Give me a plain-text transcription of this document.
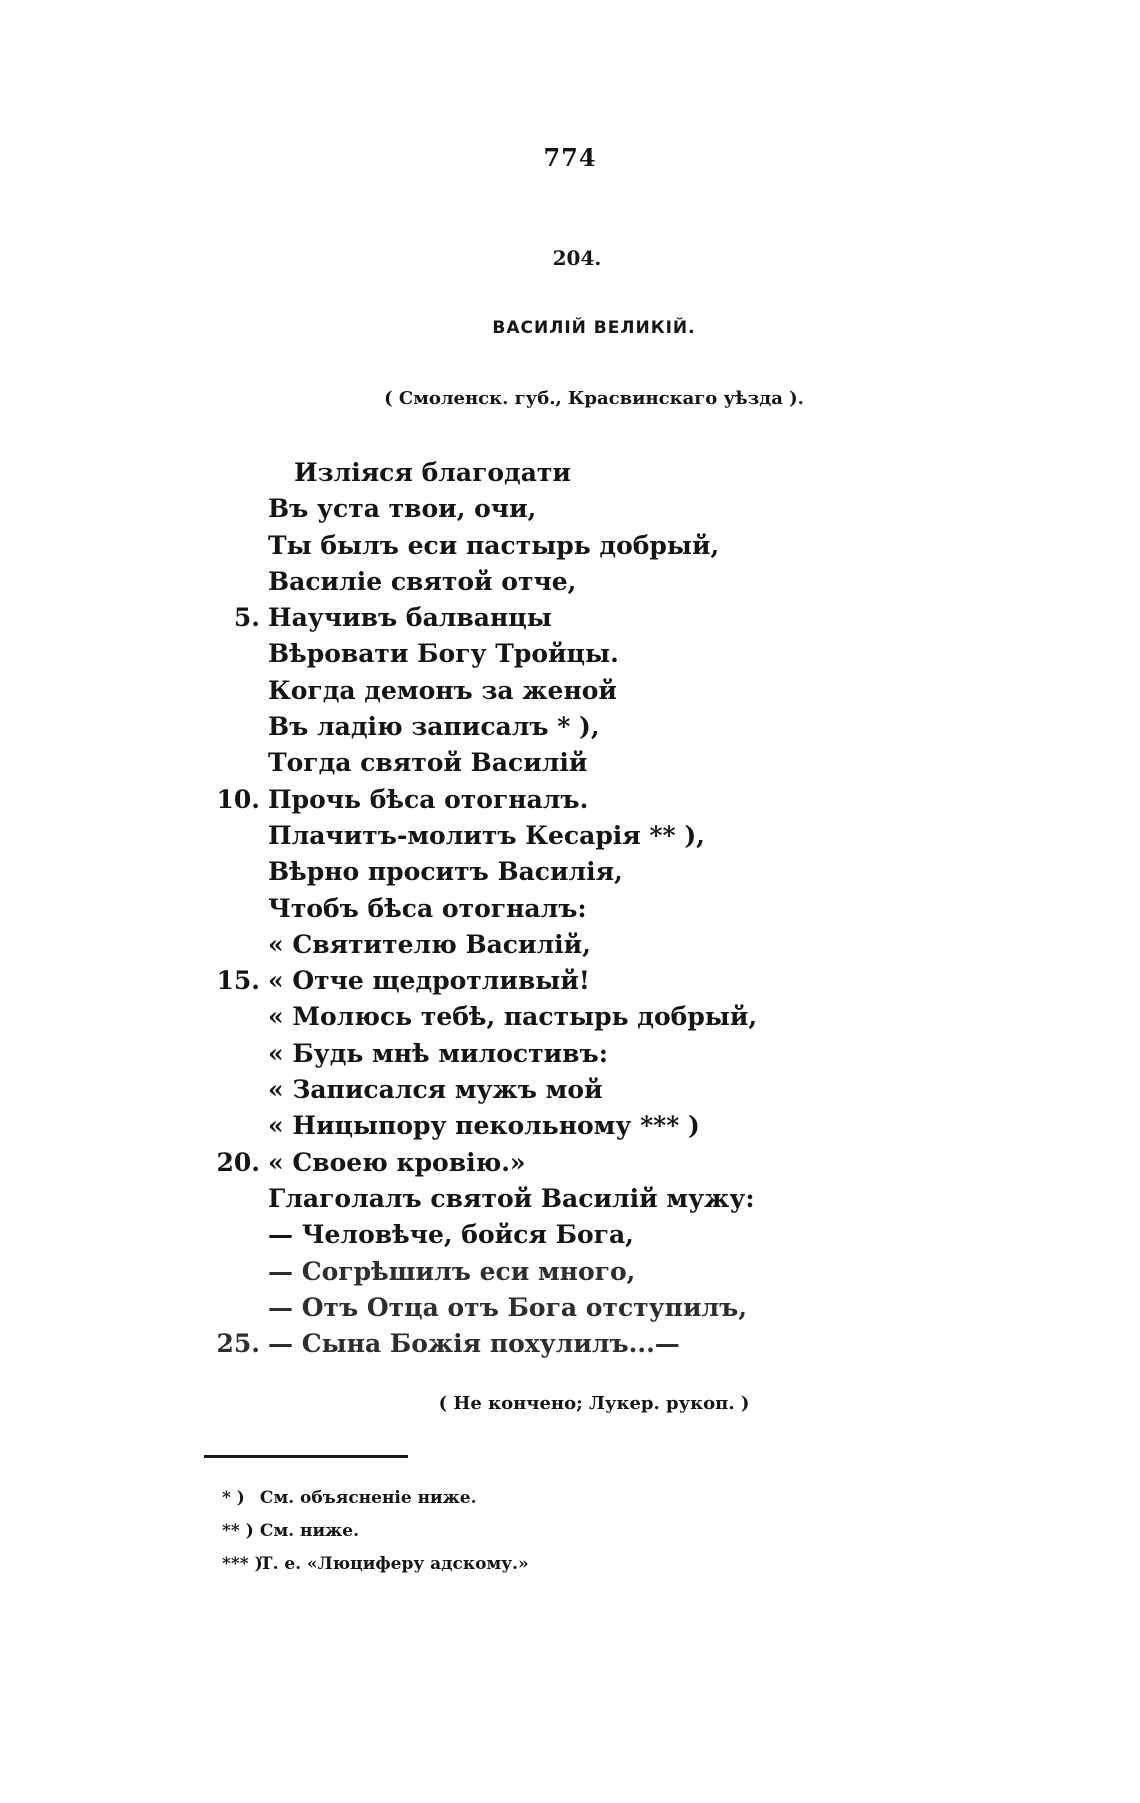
774
204.
ВАСИЛІЙ ВЕЛИКІЙ.
( Смоленск. губ., Красвинскаго уѣзда ).
Излiяся благодати
Въ уста твои, очи,
Ты былъ еси пастырь добрый,
Василiе святой отче,
5. Научивъ балванцы
Вѣровати Богу Тройцы.
Когда демонъ за женой
Въ ладiю записалъ * ),
Тогда святой Василiй
10. Прочь бѣса отогналъ.
Плачитъ-молитъ Кесарiя ** ),
Вѣрно проситъ Василiя,
Чтобъ бѣса отогналъ:
« Святителю Василiй,
15. « Отче щедротливый!
« Молюсь тебѣ, пастырь добрый,
« Будь мнѣ милостивъ:
« Записался мужъ мой
« Ницыпору пекольному *** )
20. « Своею кровiю.»
Глаголалъ святой Василiй мужу:
— Человѣче, бойся Бога,
— Согрѣшилъ еси много,
— Отъ Отца отъ Бога отступилъ,
25. — Сына Божiя похулилъ...—
( Не кончено; Лукер. рукоп. )
* ) См. объясненiе ниже.
** ) См. ниже.
*** ) Т. е. «Люциферу адскому.»
